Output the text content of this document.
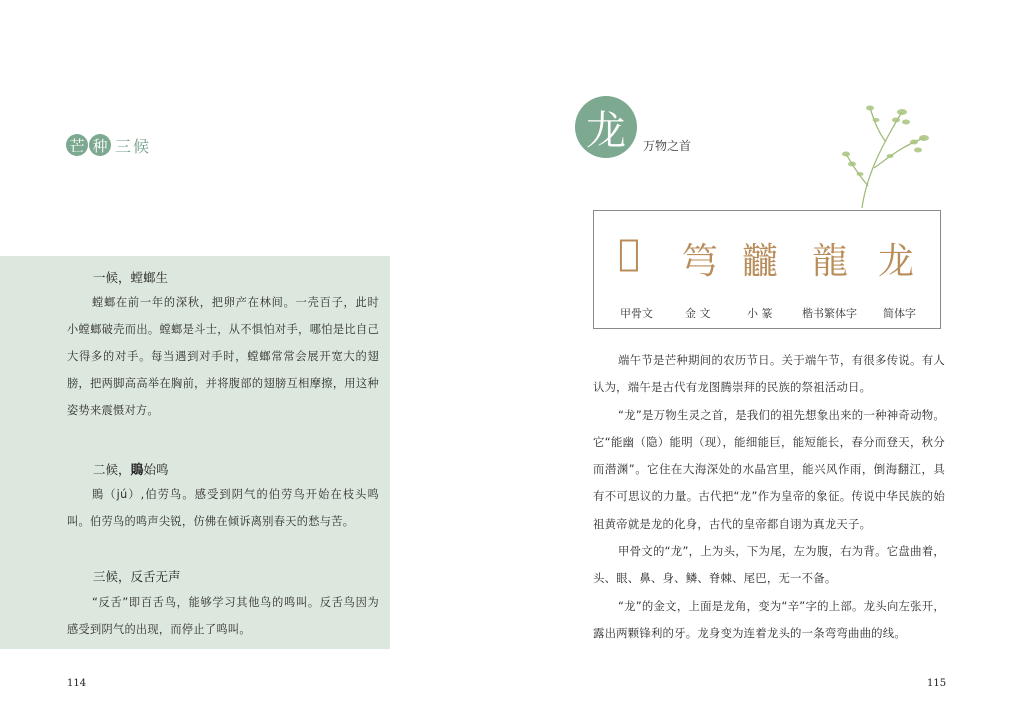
芒 种 三候
一候，螳螂生
螳螂在前一年的深秋，把卵产在林间。一壳百子，此时小螳螂破壳而出。螳螂是斗士，从不惧怕对手，哪怕是比自己大得多的对手。每当遇到对手时，螳螂常常会展开宽大的翅膀，把两脚高高举在胸前，并将腹部的翅膀互相摩擦，用这种姿势来震慑对方。
二候，鵙始鸣
鵙（jú）,伯劳鸟。感受到阴气的伯劳鸟开始在枝头鸣叫。伯劳鸟的鸣声尖锐，仿佛在倾诉离别春天的愁与苦。
三候，反舌无声
“反舌”即百舌鸟，能够学习其他鸟的鸣叫。反舌鸟因为感受到阴气的出现，而停止了鸣叫。
114
龙	万物之首
𢑺 𥫤 龖 龍 龙
甲骨文	金 文	小 篆	楷书繁体字 简体字

端午节是芒种期间的农历节日。关于端午节，有很多传说。有人认为，端午是古代有龙图腾崇拜的民族的祭祖活动日。

“龙”是万物生灵之首，是我们的祖先想象出来的一种神奇动物。它“能幽（隐）能明（现），能细能巨，能短能长，春分而登天，秋分而潜渊”。它住在大海深处的水晶宫里，能兴风作雨，倒海翻江，具有不可思议的力量。古代把“龙”作为皇帝的象征。传说中华民族的始祖黄帝就是龙的化身，古代的皇帝都自诩为真龙天子。

甲骨文的“龙”，上为头，下为尾，左为腹，右为背。它盘曲着，头、眼、鼻、身、鳞、脊棘、尾巴，无一不备。

“龙”的金文，上面是龙角，变为“辛”字的上部。龙头向左张开，露出两颗锋利的牙。龙身变为连着龙头的一条弯弯曲曲的线。

115
